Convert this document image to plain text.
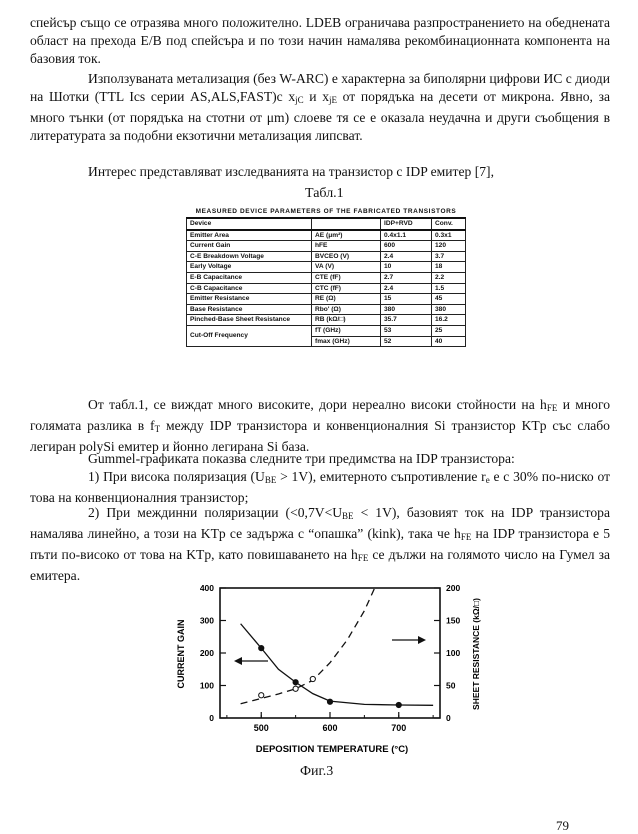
спейсър също се отразява много положително. LDEB ограничава разпространението на обеднената област на прехода E/B под спейсъра и по този начин намалява рекомбинационната компонента на базовия ток.
Използуваната метализация (без W-ARC) е характерна за биполярни цифрови ИС с диоди на Шотки (TTL Ics серии AS,ALS,FAST)с $x_{jC}$ и $x_{jE}$ от порядъка на десети от микрона. Явно, за много тънки (от порядъка на стотни от μm) слоеве тя се е оказала неудачна и други съобщения в литературата за подобни екзотични метализация липсват.
Интерес представляват изследванията на транзистор с IDP емитер [7],
Табл.1
MEASURED DEVICE PARAMETERS OF THE FABRICATED TRANSISTORS
Device		IDP+RVD	Conv.
Emitter Area	AE (μm²)	0.4x1.1	0.3x1
Current Gain	hFE	600	120
C-E Breakdown Voltage	BVCEO (V)	2.4	3.7
Early Voltage	VA (V)	10	18
E-B Capacitance	CTE (fF)	2.7	2.2
C-B Capacitance	CTC (fF)	2.4	1.5
Emitter Resistance	RE (Ω)	15	45
Base Resistance	Rbo' (Ω)	380	380
Pinched-Base Sheet Resistance	RB (kΩ/□)	35.7	16.2
Cut-Off Frequency	fT (GHz)	53	25
	fmax (GHz)	52	40
От табл.1, се виждат много високите, дори нереално високи стойности на $h_{FE}$ и много голямата разлика в $f_T$ между IDP транзистора и конвенционалния Si транзистор KTp със слабо легиран polySi емитер и йонно легирана Si база.
Gummel-графиката показва следните три предимства на IDP транзистора:
1) При висока поляризация $(U_{BE} > 1V)$, емитерното съпротивление $r_e$ е с 30% по-ниско от това на конвенционалния транзистор;
2) При междинни поляризации $(<0,7V<U_{BE} < 1V)$, базовият ток на IDP транзистора намалява линейно, а този на KTp се задържа с “опашка” (kink), така че $h_{FE}$ на IDP транзистора е 5 пъти по-високо от това на KTp, като повишаването на $h_{FE}$ се дължи на голямото число на Гумел за емитера.
500	600	700
0
100
200
300
400
0
50
100
150
200
DEPOSITION TEMPERATURE (°C)
CURRENT GAIN	SHEET RESISTANCE (kΩ/□)
Фиг.3
79
